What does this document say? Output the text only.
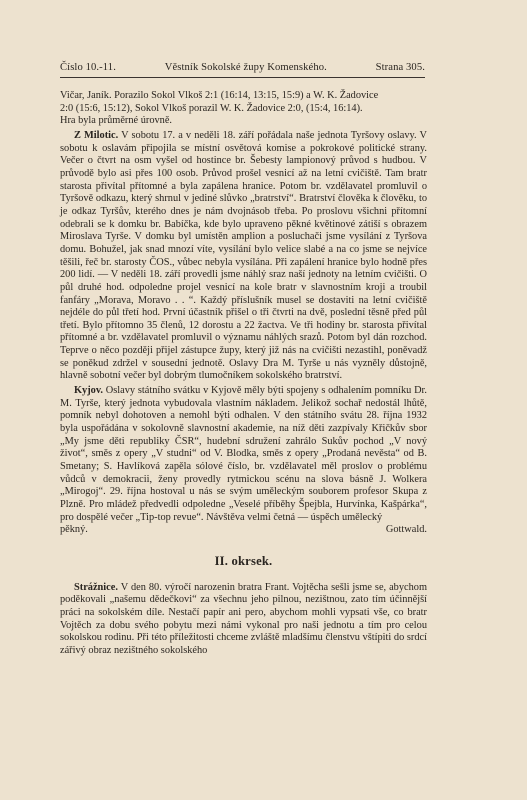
Číslo 10.-11.	Věstník Sokolské župy Komenského.	Strana 305.

Vičar, Janík. Porazilo Sokol Vlkoš 2:1 (16:14, 13:15, 15:9) a W. K. Žadovice

2:0 (15:6, 15:12), Sokol Vlkoš porazil W. K. Žadovice 2:0, (15:4, 16:14).

Hra byla průměrné úrovně.

Z Milotic. V sobotu 17. a v neděli 18. září pořádala naše jednota Tyršovy oslavy. V sobotu k oslavám připojila se místní osvětová komise a pokrokové politické strany. Večer o čtvrt na osm vyšel od hostince br. Šebesty lampionový průvod s hudbou. V průvodě bylo asi přes 100 osob. Průvod prošel vesnicí až na letní cvičiště. Tam bratr starosta přivítal přítomné a byla zapálena hranice. Potom br. vzdělavatel promluvil o Tyršově odkazu, který shrnul v jediné slůvko „bratrství“. Bratrství člověka k člověku, to je odkaz Tyršův, kterého dnes je nám dvojnásob třeba. Po proslovu všichni přítomní odebrali se k domku br. Babíčka, kde bylo upraveno pěkné květinové zátiší s obrazem Miroslava Tyrše. V domku byl umístěn amplion a posluchači jsme vysílání z Tyršova domu. Bohužel, jak snad mnozí víte, vysílání bylo velice slabé a na co jsme se nejvíce těšili, řeč br. starosty ČOS., vůbec nebyla vysílána. Při zapálení hranice bylo hodně přes 200 lidí. — V neděli 18. září provedli jsme náhlý sraz naší jednoty na letním cvičišti. O půl druhé hod. odpoledne projel vesnicí na kole bratr v slavnostním kroji a troubil fanfáry „Morava, Moravo . . “. Každý příslušník musel se dostaviti na letní cvičiště nejdéle do půl třetí hod. První účastník přišel o tři čtvrti na dvě, poslední těsně před půl třetí. Bylo přítomno 35 členů, 12 dorostu a 22 žactva. Ve tři hodiny br. starosta přivítal přítomné a br. vzdělavatel promluvil o významu náhlých srazů. Potom byl dán rozchod. Teprve o něco později přijel zástupce župy, který již nás na cvičišti nezastihl, poněvadž se poněkud zdržel v sousední jednotě. Oslavy Dra M. Tyrše u nás vyzněly důstojně, hlavně sobotní večer byl dobrým tlumočníkem sokolského bratrství.

Kyjov. Oslavy státního svátku v Kyjově měly býti spojeny s odhalením pomníku Dr. M. Tyrše, který jednota vybudovala vlastním nákladem. Jelikož sochař nedostál lhůtě, pomník nebyl dohotoven a nemohl býti odhalen. V den státního svátu 28. října 1932 byla uspořádána v sokolovně slavnostní akademie, na níž děti zazpívaly Křičkův sbor „My jsme děti republiky ČSR“, hudební sdružení zahrálo Sukův pochod „V nový život“, směs z opery „V studni“ od V. Blodka, směs z opery „Prodaná nevěsta“ od B. Smetany; S. Havlíková zapěla sólové číslo, br. vzdělavatel měl proslov o problému vůdců v demokracii, ženy provedly rytmickou scénu na slova básně J. Wolkera „Mirogoj“. 29. října hostoval u nás se svým uměleckým souborem profesor Skupa z Plzně. Pro mládež předvedli odpoledne „Veselé příběhy Špejbla, Hurvínka, Kašpárka“, pro dospělé večer „Tip-top revue“. Návštěva velmi četná — úspěch umělecký

pěkný.	Gottwald.

II. okrsek.

Strážnice. V den 80. výročí narozenin bratra Frant. Vojtěcha sešli jsme se, abychom poděkovali „našemu dědečkovi“ za všechnu jeho pilnou, nezištnou, zato tím účinnější práci na sokolském díle. Nestačí papír ani pero, abychom mohli vypsati vše, co bratr Vojtěch za dobu svého pobytu mezi námi vykonal pro naši jednotu a tím pro celou sokolskou rodinu. Při této příležitosti chceme zvláště mladšímu členstvu vštípiti do srdcí zářivý obraz nezištného sokolského
